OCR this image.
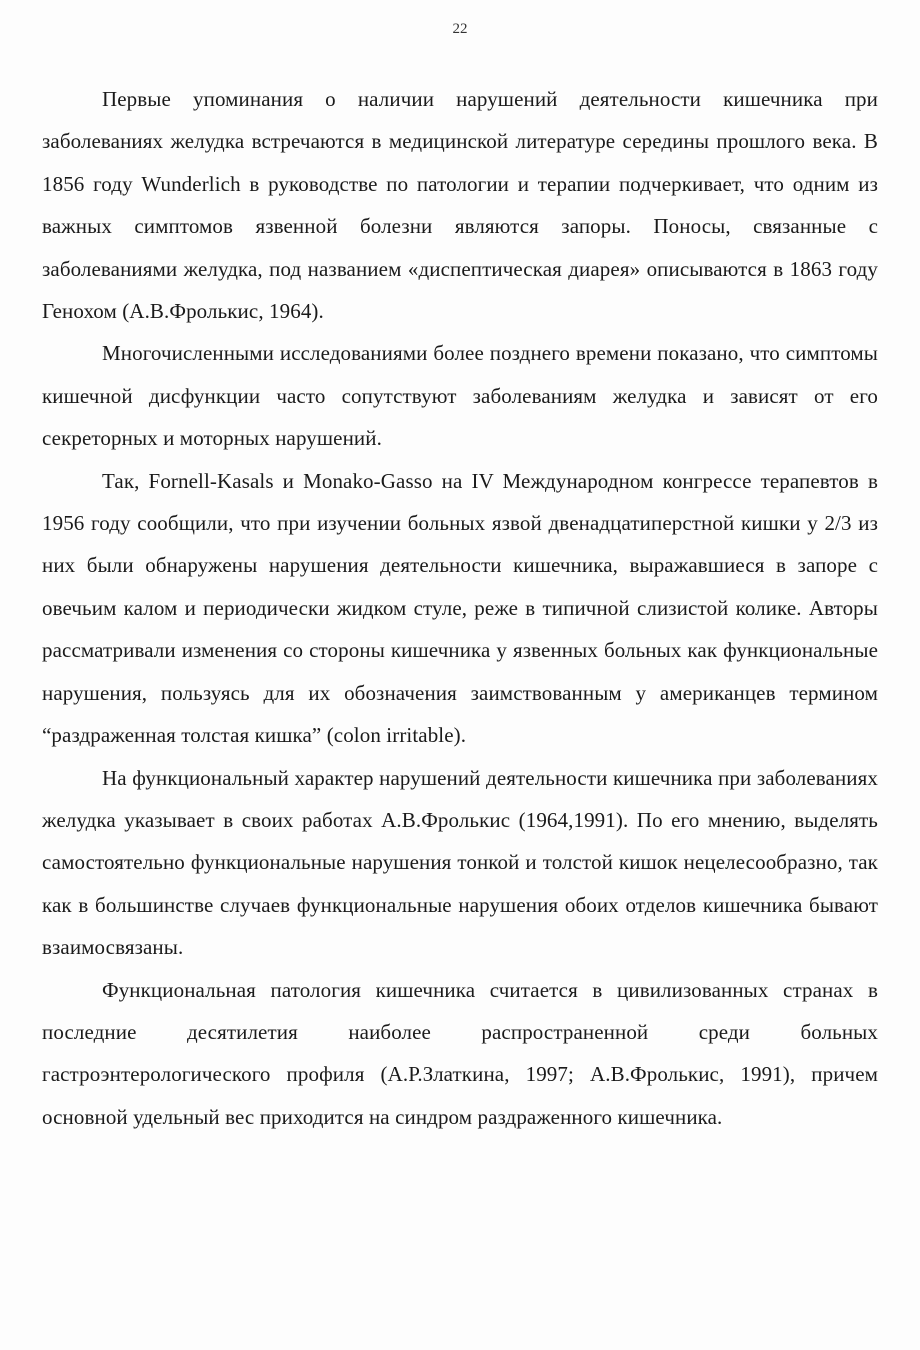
22

Первые упоминания о наличии нарушений деятельности кишечника при заболеваниях желудка встречаются в медицинской литературе середины прошлого века. В 1856 году Wunderlich в руководстве по патологии и терапии подчеркивает, что одним из важных симптомов язвенной болезни являются запоры. Поносы, связанные с заболеваниями желудка, под названием «диспептическая диарея» описываются в 1863 году Генохом (А.В.Фролькис, 1964).

Многочисленными исследованиями более позднего времени показано, что симптомы кишечной дисфункции часто сопутствуют заболеваниям желудка и зависят от его секреторных и моторных нарушений.

Так, Fornell-Kasals и Monako-Gasso на IV Международном конгрессе терапевтов в 1956 году сообщили, что при изучении больных язвой двенадцатиперстной кишки у 2/3 из них были обнаружены нарушения деятельности кишечника, выражавшиеся в запоре с овечьим калом и периодически жидком стуле, реже в типичной слизистой колике. Авторы рассматривали изменения со стороны кишечника у язвенных больных как функциональные нарушения, пользуясь для их обозначения заимствованным у американцев термином “раздраженная толстая кишка” (colon irritable).

На функциональный характер нарушений деятельности кишечника при заболеваниях желудка указывает в своих работах А.В.Фролькис (1964,1991). По его мнению, выделять самостоятельно функциональные нарушения тонкой и толстой кишок нецелесообразно, так как в большинстве случаев функциональные нарушения обоих отделов кишечника бывают взаимосвязаны.

Функциональная патология кишечника считается в цивилизованных странах в последние десятилетия наиболее распространенной среди больных гастроэнтерологического профиля (А.Р.Златкина, 1997; А.В.Фролькис, 1991), причем основной удельный вес приходится на синдром раздраженного кишечника.
